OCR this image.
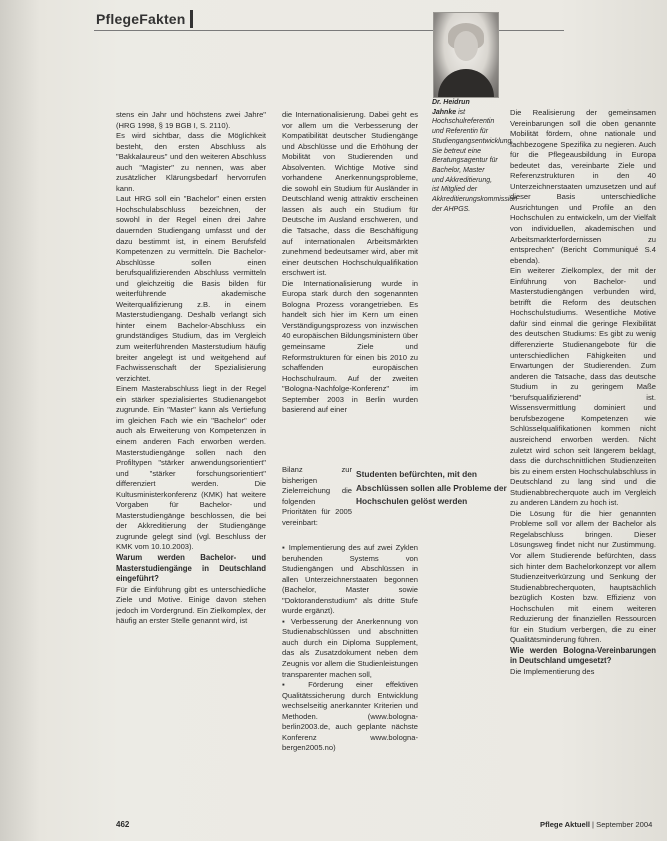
PflegeFakten
Dr. Heidrun
Jahnke ist Hochschulreferentin und Referentin für Studiengangsentwicklung. Sie betreut eine Beratungsagentur für Bachelor, Master und Akkreditierung, ist Mitglied der Akkreditierungskommission der AHPGS.

stens ein Jahr und höchstens zwei Jahre" (HRG 1998, § 19 BGB I, S. 2110).

Es wird sichtbar, dass die Möglichkeit besteht, den ersten Abschluss als "Bakkalaureus" und den weiteren Abschluss auch "Magister" zu nennen, was aber zusätzlicher Klärungsbedarf hervorrufen kann.

Laut HRG soll ein "Bachelor" einen ersten Hochschulabschluss bezeichnen, der sowohl in der Regel einen drei Jahre dauernden Studiengang umfasst und der dazu bestimmt ist, in einem Berufsfeld Kompetenzen zu vermitteln. Die Bachelor-Abschlüsse sollen einen berufsqualifizierenden Abschluss vermitteln und gleichzeitig die Basis bilden für weiterführende akademische Weiterqualifizierung z.B. in einem Masterstudiengang. Deshalb verlangt sich hinter einem Bachelor-Abschluss ein grundständiges Studium, das im Vergleich zum weiterführenden Masterstudium häufig breiter angelegt ist und weitgehend auf Fachwissenschaft der Spezialisierung verzichtet.

Einem Masterabschluss liegt in der Regel ein stärker spezialisiertes Studienangebot zugrunde. Ein "Master" kann als Vertiefung im gleichen Fach wie ein "Bachelor" oder auch als Erweiterung von Kompetenzen in einem anderen Fach erworben werden. Masterstudiengänge sollen nach den Profiltypen "stärker anwendungsorientiert" und "stärker forschungsorientiert" differenziert werden. Die Kultusministerkonferenz (KMK) hat weitere Vorgaben für Bachelor- und Masterstudiengänge beschlossen, die bei der Akkreditierung der Studiengänge zugrunde gelegt sind (vgl. Beschluss der KMK vom 10.10.2003).

Warum werden Bachelor- und Masterstudiengänge in Deutschland eingeführt?

Für die Einführung gibt es unterschiedliche Ziele und Motive. Einige davon stehen jedoch im Vordergrund. Ein Zielkomplex, der häufig an erster Stelle genannt wird, ist

die Internationalisierung. Dabei geht es vor allem um die Verbesserung der Kompatibilität deutscher Studiengänge und Abschlüsse und die Erhöhung der Mobilität von Studierenden und Absolventen. Wichtige Motive sind vorhandene Anerkennungsprobleme, die sowohl ein Studium für Ausländer in Deutschland wenig attraktiv erscheinen lassen als auch ein Studium für Deutsche im Ausland erschweren, und die Tatsache, dass die Beschäftigung auf internationalen Arbeitsmärkten zunehmend bedeutsamer wird, aber mit einer deutschen Hochschulqualifikation erschwert ist.

Die Internationalisierung wurde in Europa stark durch den sogenannten Bologna Prozess vorangetrieben. Es handelt sich hier im Kern um einen Verständigungsprozess von inzwischen 40 europäischen Bildungsministern über gemeinsame Ziele und Reformstrukturen für einen bis 2010 zu schaffenden europäischen Hochschulraum. Auf der zweiten "Bologna-Nachfolge-Konferenz" im September 2003 in Berlin wurden basierend auf einer

Bilanz zur bisherigen Zielerreichung die folgenden Prioritäten für 2005 vereinbart:

▪ Implementierung des auf zwei Zyklen beruhenden Systems von Studiengängen und Abschlüssen in allen Unterzeichnerstaaten begonnen (Bachelor, Master sowie "Doktorandenstudium" als dritte Stufe wurde ergänzt).

▪ Verbesserung der Anerkennung von Studienabschlüssen und abschnitten auch durch ein Diploma Supplement, das als Zusatzdokument neben dem Zeugnis vor allem die Studienleistungen transparenter machen soll,

▪ Förderung einer effektiven Qualitätssicherung durch Entwicklung wechselseitig anerkannter Kriterien und Methoden. (www.bologna-berlin2003.de, auch geplante nächste Konferenz www.bologna-bergen2005.no)

Studenten befürchten, mit den Abschlüssen sollen alle Probleme der Hochschulen gelöst werden

Die Realisierung der gemeinsamen Vereinbarungen soll die oben genannte Mobilität fördern, ohne nationale und fachbezogene Spezifika zu negieren. Auch für die Pflegeausbildung in Europa bedeutet das, vereinbarte Ziele und Referenzstrukturen in den 40 Unterzeichnerstaaten umzusetzen und auf dieser Basis unterschiedliche Ausrichtungen und Profile an den Hochschulen zu entwickeln, um der Vielfalt von individuellen, akademischen und Arbeitsmarkterfordernissen zu entsprechen" (Bericht Communiqué S.4 ebenda).

Ein weiterer Zielkomplex, der mit der Einführung von Bachelor- und Masterstudiengängen verbunden wird, betrifft die Reform des deutschen Hochschulstudiums. Wesentliche Motive dafür sind einmal die geringe Flexibilität des deutschen Studiums: Es gibt zu wenig differenzierte Studienangebote für die unterschiedlichen Fähigkeiten und Erwartungen der Studierenden. Zum anderen die Tatsache, dass das deutsche Studium in zu geringem Maße "berufsqualifizierend" ist. Wissensvermittlung dominiert und berufsbezogene Kompetenzen wie Schlüsselqualifikationen kommen nicht ausreichend erworben werden. Nicht zuletzt wird schon seit längerem beklagt, dass die durchschnittlichen Studienzeiten bis zu einem ersten Hochschulabschluss in Deutschland zu lang sind und die Studienabbrecherquote auch im Vergleich zu anderen Ländern zu hoch ist.

Die Lösung für die hier genannten Probleme soll vor allem der Bachelor als Regelabschluss bringen. Dieser Lösungsweg findet nicht nur Zustimmung. Vor allem Studierende befürchten, dass sich hinter dem Bachelorkonzept vor allem Studienzeitverkürzung und Senkung der Studienabbrecherquoten, hauptsächlich bezüglich Kosten bzw. Effizienz von Hochschulen mit einem weiteren Reduzierung der finanziellen Ressourcen für ein Studium verbergen, die zu einer Qualitätsminderung führen.

Wie werden Bologna-Vereinbarungen in Deutschland umgesetzt?

Die Implementierung des

462	Pflege Aktuell | September 2004
